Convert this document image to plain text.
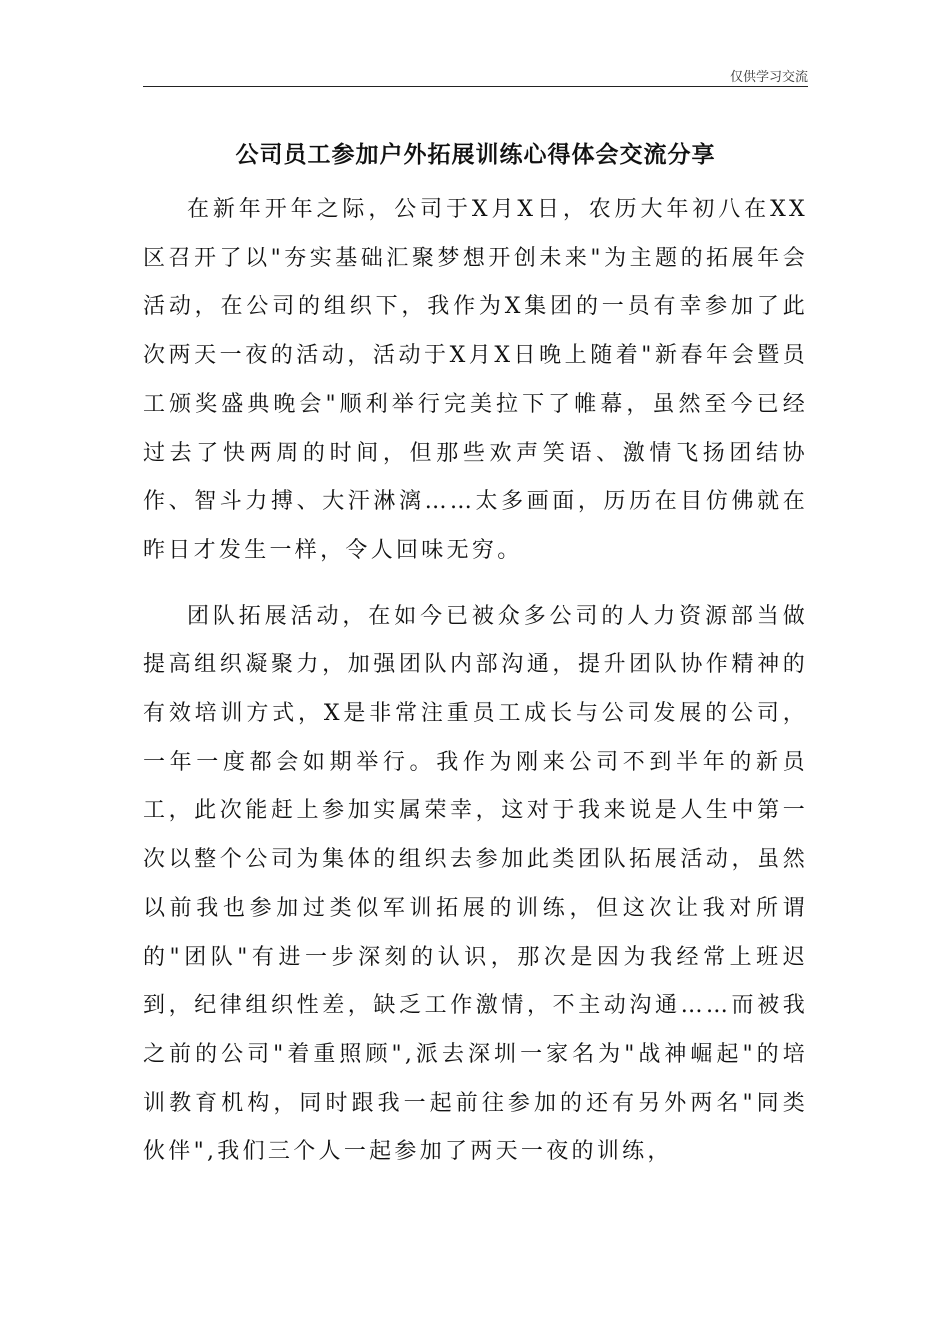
仅供学习交流
公司员工参加户外拓展训练心得体会交流分享

在新年开年之际，公司于X月X日，农历大年初八在XX区召开了以"夯实基础汇聚梦想开创未来"为主题的拓展年会活动，在公司的组织下，我作为X集团的一员有幸参加了此次两天一夜的活动，活动于X月X日晚上随着"新春年会暨员工颁奖盛典晚会"顺利举行完美拉下了帷幕，虽然至今已经过去了快两周的时间，但那些欢声笑语、激情飞扬团结协作、智斗力搏、大汗淋漓……太多画面，历历在目仿佛就在昨日才发生一样，令人回味无穷。

团队拓展活动，在如今已被众多公司的人力资源部当做提高组织凝聚力，加强团队内部沟通，提升团队协作精神的有效培训方式，X是非常注重员工成长与公司发展的公司，一年一度都会如期举行。我作为刚来公司不到半年的新员工，此次能赶上参加实属荣幸，这对于我来说是人生中第一次以整个公司为集体的组织去参加此类团队拓展活动，虽然以前我也参加过类似军训拓展的训练，但这次让我对所谓的"团队"有进一步深刻的认识，那次是因为我经常上班迟到，纪律组织性差，缺乏工作激情，不主动沟通……而被我之前的公司"着重照顾",派去深圳一家名为"战神崛起"的培训教育机构，同时跟我一起前往参加的还有另外两名"同类伙伴",我们三个人一起参加了两天一夜的训练，
